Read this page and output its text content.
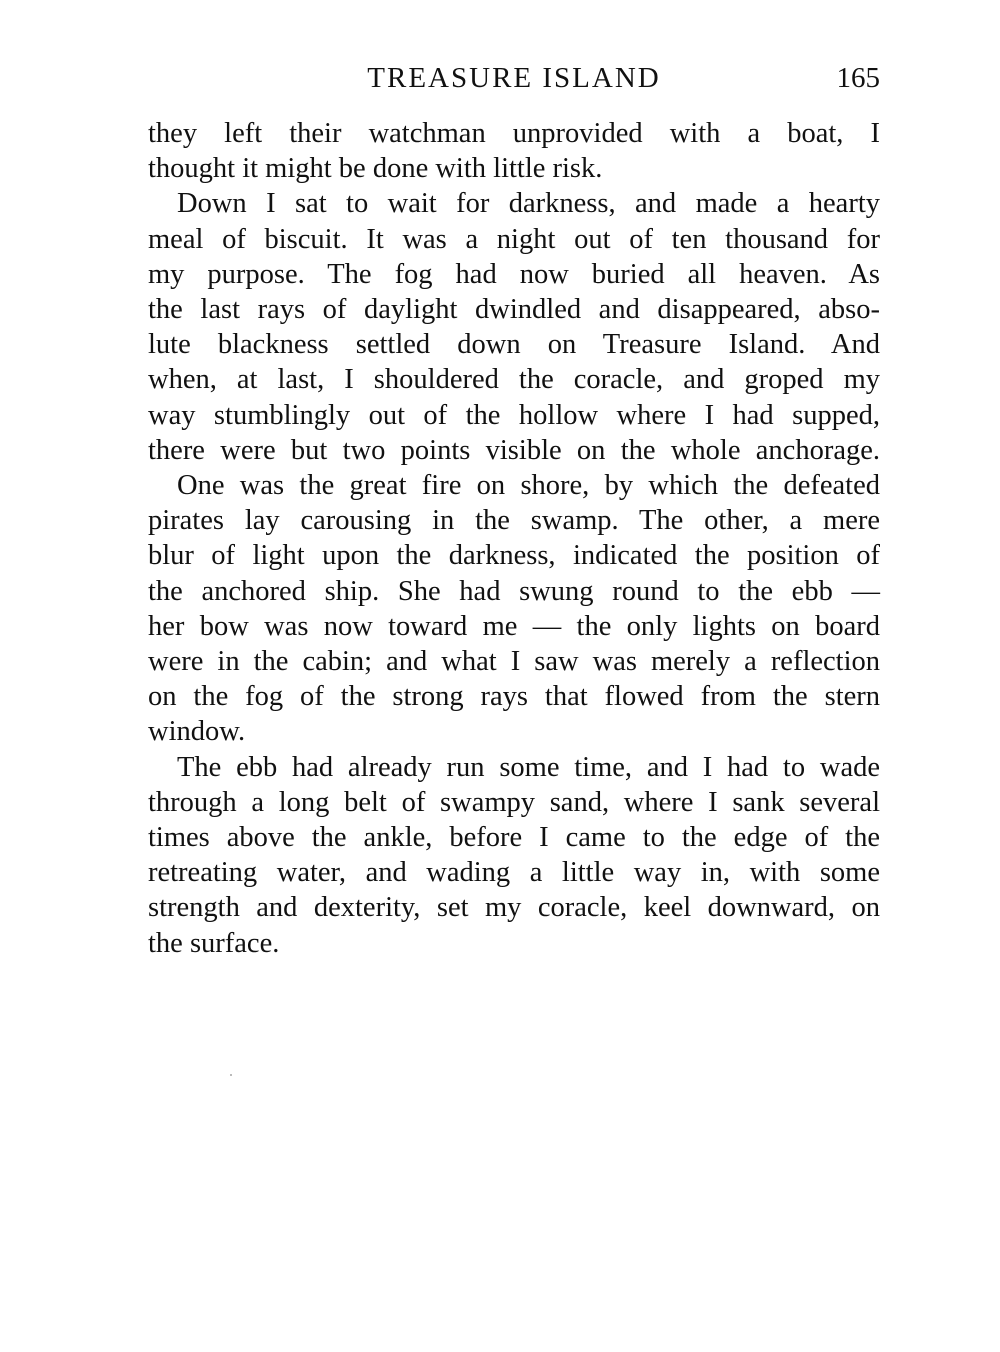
TREASURE ISLAND	165
they left their watchman unprovided with a boat, I
thought it might be done with little risk.
Down I sat to wait for darkness, and made a hearty
meal of biscuit. It was a night out of ten thousand for
my purpose. The fog had now buried all heaven. As
the last rays of daylight dwindled and disappeared, abso-
lute blackness settled down on Treasure Island. And
when, at last, I shouldered the coracle, and groped my
way stumblingly out of the hollow where I had supped,
there were but two points visible on the whole anchorage.
One was the great fire on shore, by which the defeated
pirates lay carousing in the swamp. The other, a mere
blur of light upon the darkness, indicated the position of
the anchored ship. She had swung round to the ebb —
her bow was now toward me — the only lights on board
were in the cabin; and what I saw was merely a reflection
on the fog of the strong rays that flowed from the stern
window.
The ebb had already run some time, and I had to wade
through a long belt of swampy sand, where I sank several
times above the ankle, before I came to the edge of the
retreating water, and wading a little way in, with some
strength and dexterity, set my coracle, keel downward, on
the surface.
